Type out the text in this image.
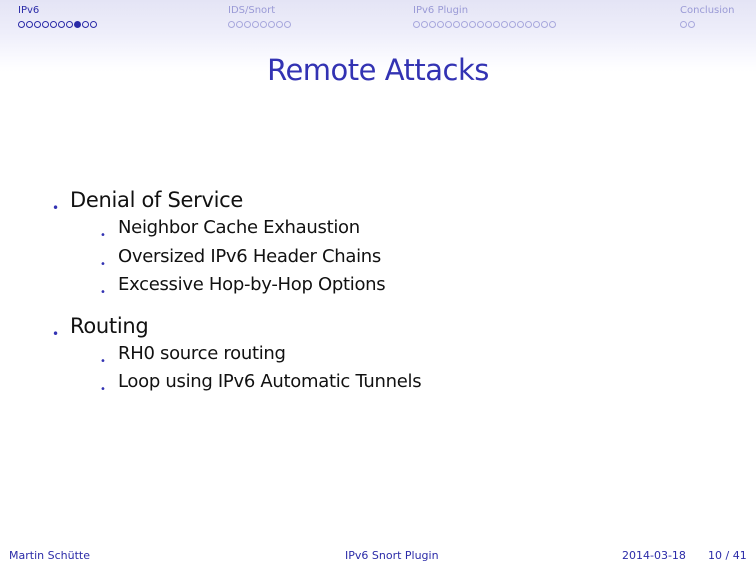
IPv6	IDS/Snort	IPv6 Plugin	Conclusion
Remote Attacks
• Denial of Service
• Neighbor Cache Exhaustion
• Oversized IPv6 Header Chains
• Excessive Hop-by-Hop Options
• Routing
• RH0 source routing
• Loop using IPv6 Automatic Tunnels
Martin Schütte	IPv6 Snort Plugin	2014-03-18 10 / 41
